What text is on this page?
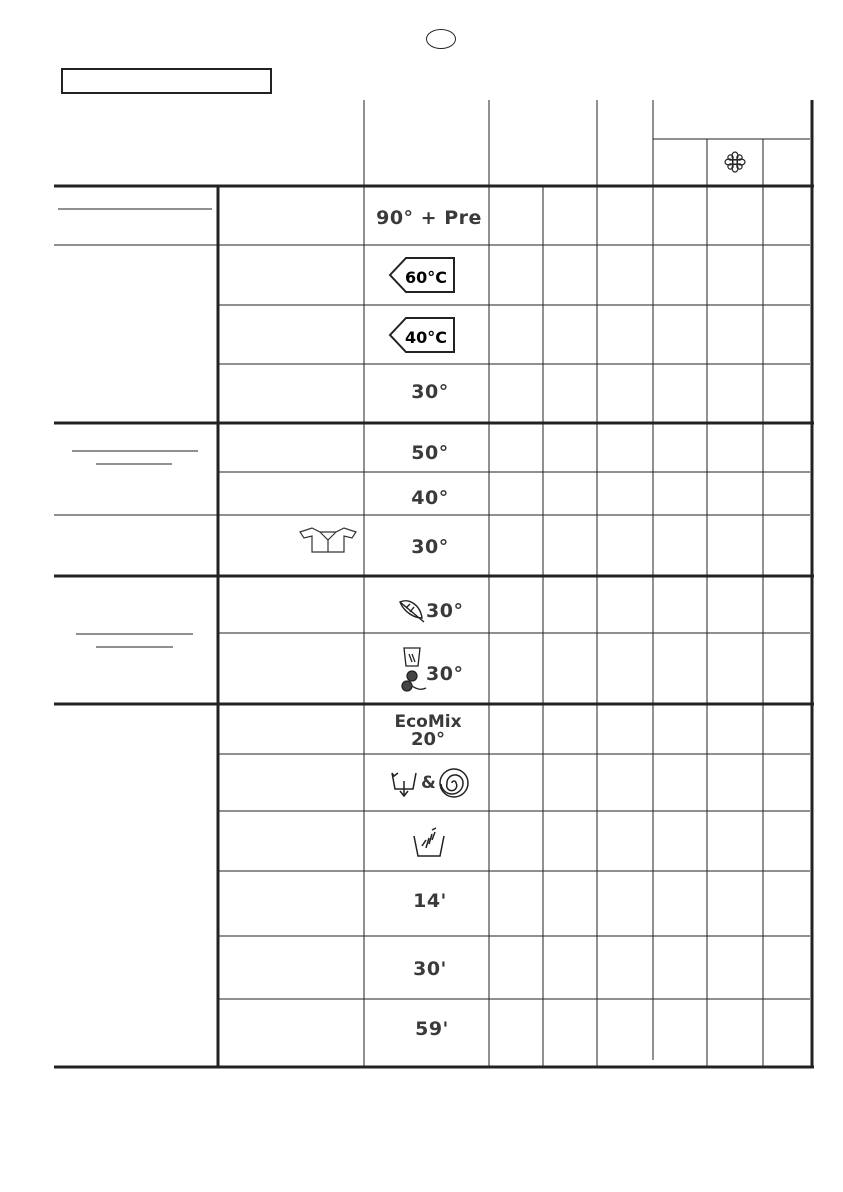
90° + Pre
60°C
40°C
30°
50°
40°
30°
30°
30°
EcoMix
20°
&
14'
30'
59'
